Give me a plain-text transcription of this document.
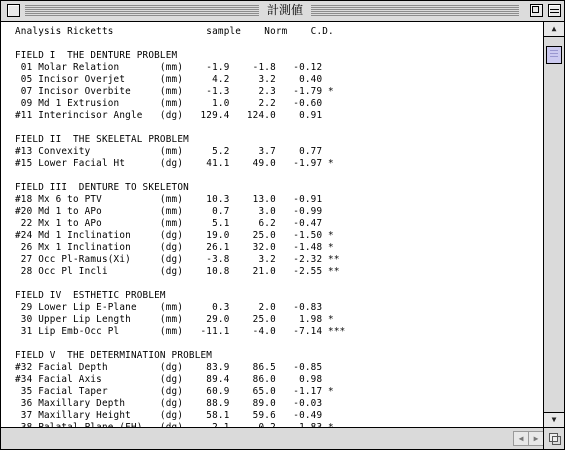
計測値
Analysis Ricketts                sample    Norm    C.D.
FIELD I  THE DENTURE PROBLEM
01 Molar Relation       (mm)    -1.9    -1.8   -0.12
05 Incisor Overjet      (mm)     4.2     3.2    0.40
07 Incisor Overbite     (mm)    -1.3     2.3   -1.79 *
09 Md 1 Extrusion       (mm)     1.0     2.2   -0.60
#11 Interincisor Angle   (dg)   129.4   124.0    0.91
FIELD II  THE SKELETAL PROBLEM
#13 Convexity            (mm)     5.2     3.7    0.77
#15 Lower Facial Ht      (dg)    41.1    49.0   -1.97 *
FIELD III  DENTURE TO SKELETON
#18 Mx 6 to PTV          (mm)    10.3    13.0   -0.91
#20 Md 1 to APo          (mm)     0.7     3.0   -0.99
22 Mx 1 to APo          (mm)     5.1     6.2   -0.47
#24 Md 1 Inclination     (dg)    19.0    25.0   -1.50 *
26 Mx 1 Inclination     (dg)    26.1    32.0   -1.48 *
27 Occ Pl-Ramus(Xi)     (dg)    -3.8     3.2   -2.32 **
28 Occ Pl Incli         (dg)    10.8    21.0   -2.55 **
FIELD IV  ESTHETIC PROBLEM
29 Lower Lip E-Plane    (mm)     0.3     2.0   -0.83
30 Upper Lip Length     (mm)    29.0    25.0    1.98 *
31 Lip Emb-Occ Pl       (mm)   -11.1    -4.0   -7.14 ***
FIELD V  THE DETERMINATION PROBLEM
#32 Facial Depth         (dg)    83.9    86.5   -0.85
#34 Facial Axis          (dg)    89.4    86.0    0.98
35 Facial Taper         (dg)    60.9    65.0   -1.17 *
36 Maxillary Depth      (dg)    88.9    89.0   -0.03
37 Maxillary Height     (dg)    58.1    59.6   -0.49
▲
▼
◀	▶
